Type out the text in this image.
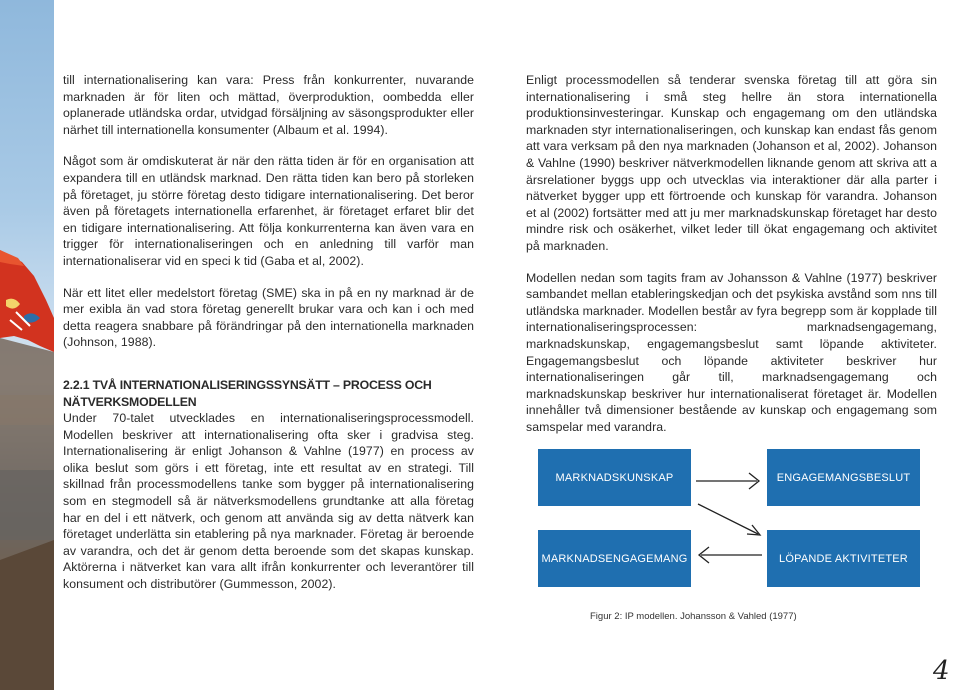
till internationalisering kan vara: Press från konkurrenter, nuvarande marknaden är för liten och mättad, överproduktion, oombedda eller oplanerade utländska ordar, utvidgad försäljning av säsongsprodukter eller närhet till internationella konsumenter (Albaum et al. 1994).

Något som är omdiskuterat är när den rätta tiden är för en organisation att expandera till en utländsk marknad. Den rätta tiden kan bero på storleken på företaget, ju större företag desto tidigare internationalisering. Det beror även på företagets internationella erfarenhet, är företaget erfaret blir det en tidigare internationalisering. Att följa konkurrenterna kan även vara en trigger för internationaliseringen och en anledning till varför man internationaliserar vid en speci k tid (Gaba et al, 2002).

När ett litet eller medelstort företag (SME) ska in på en ny marknad är de mer exibla än vad stora företag generellt brukar vara och kan i och med detta reagera snabbare på förändringar på den internationella marknaden (Johnson, 1988).

2.2.1 TVÅ INTERNATIONALISERINGSSYNSÄTT – PROCESS OCH NÄTVERKSMODELLEN

Under 70-talet utvecklades en internationaliseringsprocessmodell. Modellen beskriver att internationalisering ofta sker i gradvisa steg. Internationalisering är enligt Johanson & Vahlne (1977) en process av olika beslut som görs i ett företag, inte ett resultat av en strategi. Till skillnad från processmodellens tanke som bygger på internationalisering som en stegmodell så är nätverksmodellens grundtanke att alla företag har en del i ett nätverk, och genom att använda sig av detta nätverk kan företaget underlätta sin etablering på nya marknader. Företag är beroende av varandra, och det är genom detta beroende som det skapas kunskap. Aktörerna i nätverket kan vara allt ifrån konkurrenter och leverantörer till konsument och distributörer (Gummesson, 2002).

Enligt processmodellen så tenderar svenska företag till att göra sin internationalisering i små steg hellre än stora internationella produktionsinvesteringar. Kunskap och engagemang om den utländska marknaden styr internationaliseringen, och kunskap kan endast fås genom att vara verksam på den nya marknaden (Johanson et al, 2002). Johanson & Vahlne (1990) beskriver nätverkmodellen liknande genom att skriva att a ärsrelationer byggs upp och utvecklas via interaktioner där alla parter i nätverket bygger upp ett förtroende och kunskap för varandra. Johanson et al (2002) fortsätter med att ju mer marknadskunskap företaget har desto mindre risk och osäkerhet, vilket leder till ökat engagemang och aktivitet på marknaden.

Modellen nedan som tagits fram av Johansson & Vahlne (1977) beskriver sambandet mellan etableringskedjan och det psykiska avstånd som nns till utländska marknader. Modellen består av fyra begrepp som är kopplade till internationaliseringsprocessen: marknadsengagemang, marknadskunskap, engagemangsbeslut samt löpande aktiviteter. Engagemangsbeslut och löpande aktiviteter beskriver hur internationaliseringen går till, marknadsengagemang och marknadskunskap beskriver hur internationaliserat företaget är. Modellen innehåller två dimensioner bestående av kunskap och engagemang som samspelar med varandra.

MARKNADSKUNSKAP	ENGAGEMANGSBESLUT
MARKNADSENGAGEMANG	LÖPANDE AKTIVITETER
Figur 2: IP modellen. Johansson & Vahled (1977)
4
